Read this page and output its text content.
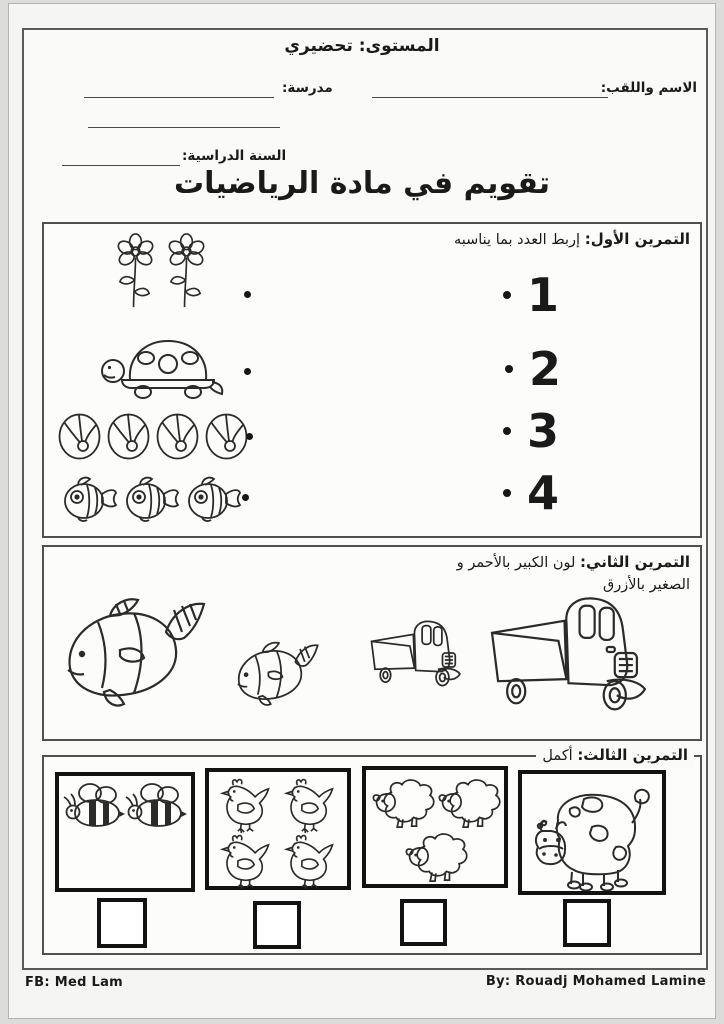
المستوى: تحضيري
الاسم واللقب:
مدرسة:
السنة الدراسية:
تقويم في مادة الرياضيات
التمرين الأول: إربط العدد بما يناسبه
1
2
3
4
التمرين الثاني: لون الكبير بالأحمر و الصغير بالأزرق
التمرين الثالث: أكمل
FB: Med Lam	By: Rouadj Mohamed Lamine
